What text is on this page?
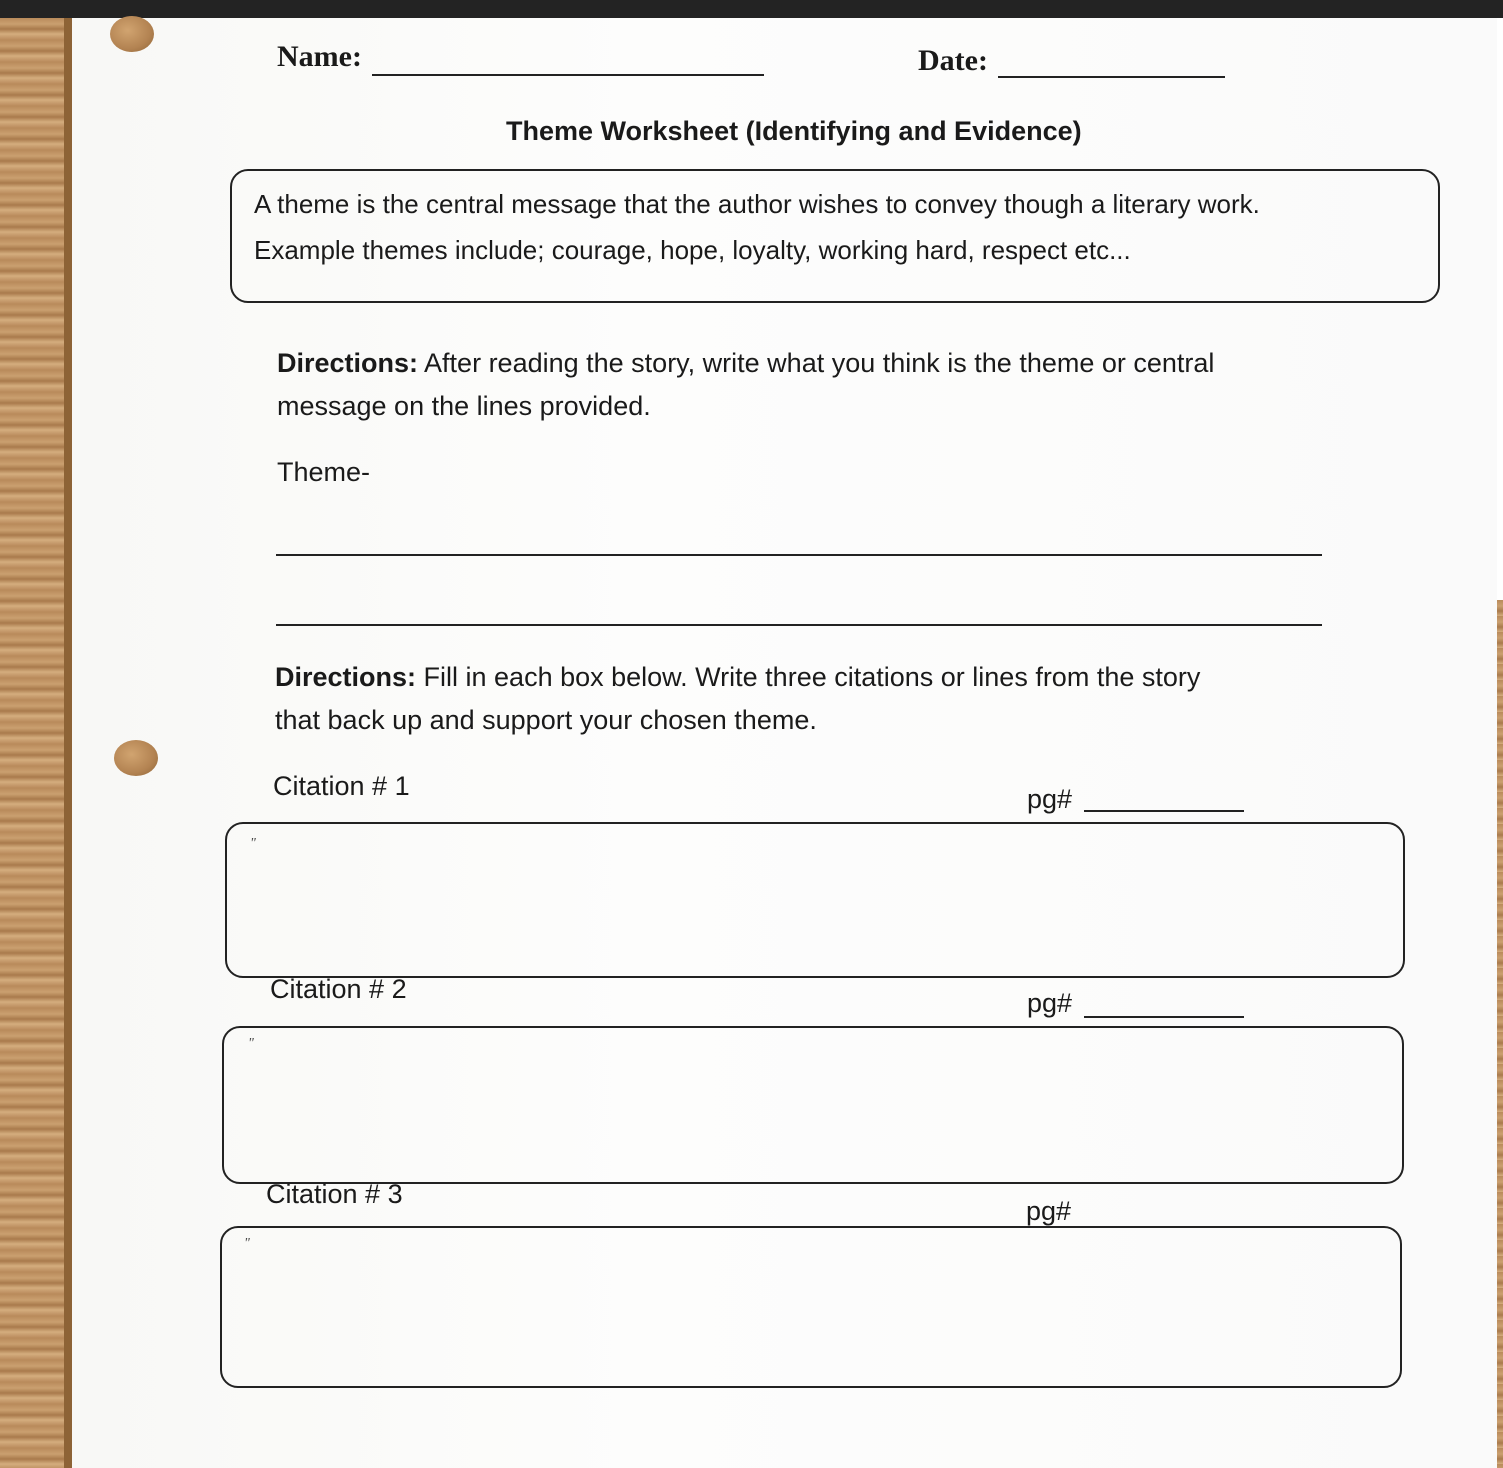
Name:	Date:
Theme Worksheet (Identifying and Evidence)
A theme is the central message that the author wishes to convey though a literary work.
Example themes include; courage, hope, loyalty, working hard, respect etc...
Directions: After reading the story, write what you think is the theme or central
message on the lines provided.
Theme-
Directions: Fill in each box below. Write three citations or lines from the story
that back up and support your chosen theme.
Citation # 1	pg#
"
Citation # 2	pg#
"
Citation # 3
pg#
"
